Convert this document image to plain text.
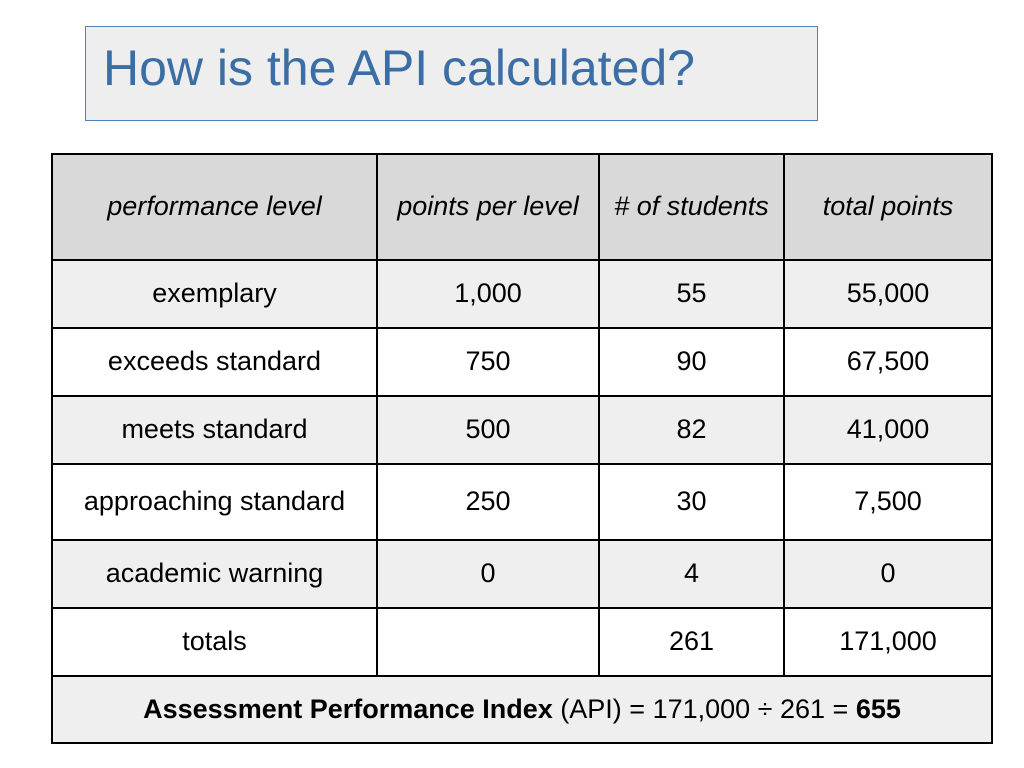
How is the API calculated?
performance level	points per level	# of students	total points
exemplary	1,000	55	55,000
exceeds standard	750	90	67,500
meets standard	500	82	41,000
approaching standard	250	30	7,500
academic warning	0	4	0
totals		261	171,000
Assessment Performance Index (API) = 171,000 ÷ 261 = 655			
